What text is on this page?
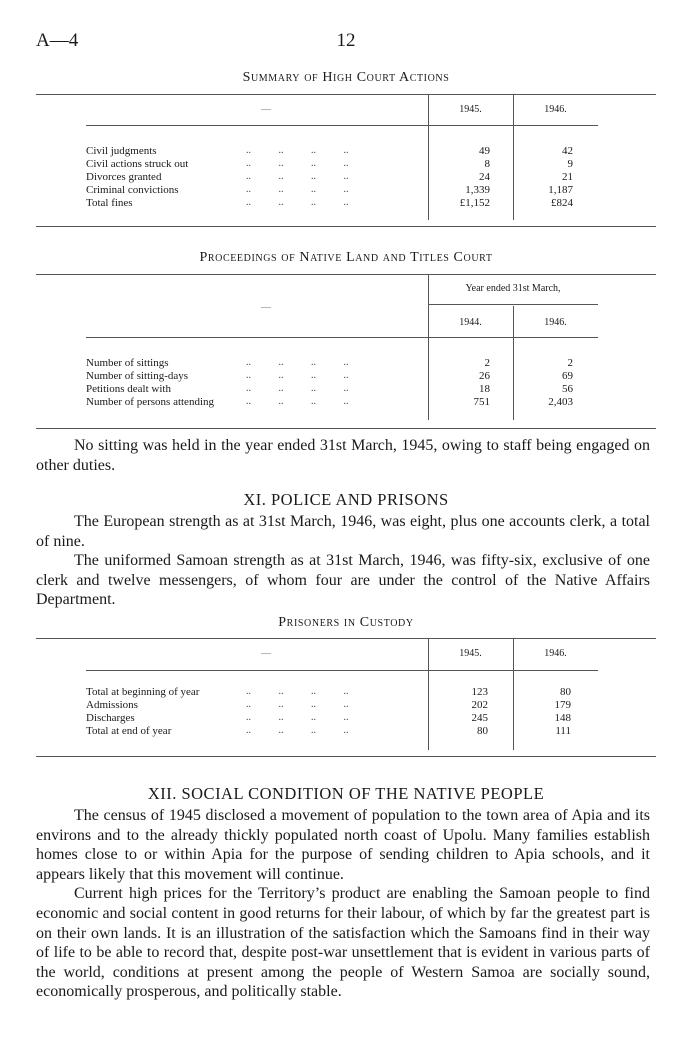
12
A—4
Summary of High Court Actions
—	1945.	1946.
Civil judgments	..           ..           ..           ..	49	42
Civil actions struck out	..           ..           ..           ..	8	9
Divorces granted	..           ..           ..           ..	24	21
Criminal convictions	..           ..           ..           ..	1,339	1,187
Total fines	..           ..           ..           ..	£1,152	£824
Proceedings of Native Land and Titles Court
—
Year ended 31st March,
1944.	1946.
Number of sittings	..           ..           ..           ..	2	2
Number of sitting-days	..           ..           ..           ..	26	69
Petitions dealt with	..           ..           ..           ..	18	56
Number of persons attending	..           ..           ..           ..	751	2,403

No sitting was held in the year ended 31st March, 1945, owing to staff being engaged on other duties.

XI. POLICE AND PRISONS

The European strength as at 31st March, 1946, was eight, plus one accounts clerk, a total of nine.

The uniformed Samoan strength as at 31st March, 1946, was fifty-six, exclusive of one clerk and twelve messengers, of whom four are under the control of the Native Affairs Department.

Prisoners in Custody
—	1945.	1946.
Total at beginning of year	..           ..           ..           ..	123	80
Admissions	..           ..           ..           ..	202	179
Discharges	..           ..           ..           ..	245	148
Total at end of year	..           ..           ..           ..	80	111
XII. SOCIAL CONDITION OF THE NATIVE PEOPLE

The census of 1945 disclosed a movement of population to the town area of Apia and its environs and to the already thickly populated north coast of Upolu. Many families establish homes close to or within Apia for the purpose of sending children to Apia schools, and it appears likely that this movement will continue.

Current high prices for the Territory’s product are enabling the Samoan people to find economic and social content in good returns for their labour, of which by far the greatest part is on their own lands. It is an illustration of the satisfaction which the Samoans find in their way of life to be able to record that, despite post-war unsettlement that is evident in various parts of the world, conditions at present among the people of Western Samoa are socially sound, economically prosperous, and politically stable.
